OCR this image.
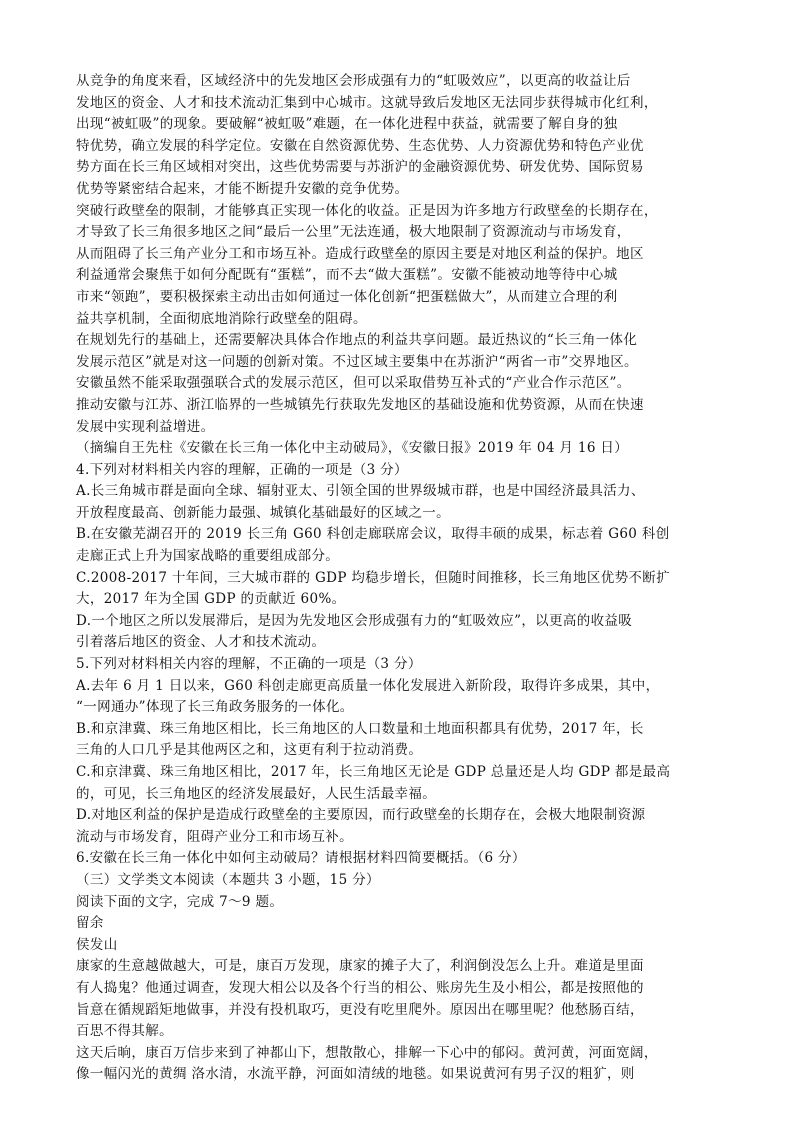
从竞争的角度来看，区域经济中的先发地区会形成强有力的“虹吸效应”，以更高的收益让后
发地区的资金、人才和技术流动汇集到中心城市。这就导致后发地区无法同步获得城市化红利，
出现“被虹吸”的现象。要破解“被虹吸”难题，在一体化进程中获益，就需要了解自身的独
特优势，确立发展的科学定位。安徽在自然资源优势、生态优势、人力资源优势和特色产业优
势方面在长三角区域相对突出，这些优势需要与苏浙沪的金融资源优势、研发优势、国际贸易
优势等紧密结合起来，才能不断提升安徽的竞争优势。
突破行政壁垒的限制，才能够真正实现一体化的收益。正是因为许多地方行政壁垒的长期存在，
才导致了长三角很多地区之间“最后一公里”无法连通，极大地限制了资源流动与市场发育，
从而阻碍了长三角产业分工和市场互补。造成行政壁垒的原因主要是对地区利益的保护。地区
利益通常会聚焦于如何分配既有“蛋糕”，而不去“做大蛋糕”。安徽不能被动地等待中心城
市来“领跑”，要积极探索主动出击如何通过一体化创新“把蛋糕做大”，从而建立合理的利
益共享机制，全面彻底地消除行政壁垒的阻碍。
在规划先行的基础上，还需要解决具体合作地点的利益共享问题。最近热议的“长三角一体化
发展示范区”就是对这一问题的创新对策。不过区域主要集中在苏浙沪“两省一市”交界地区。
安徽虽然不能采取强强联合式的发展示范区，但可以采取借势互补式的“产业合作示范区”。
推动安徽与江苏、浙江临界的一些城镇先行获取先发地区的基础设施和优势资源，从而在快速
发展中实现利益增进。
（摘编自王先柱《安徽在长三角一体化中主动破局》，《安徽日报》2019 年 04 月 16 日）
4.下列对材料相关内容的理解，正确的一项是（3 分）
A.长三角城市群是面向全球、辐射亚太、引领全国的世界级城市群，也是中国经济最具活力、
开放程度最高、创新能力最强、城镇化基础最好的区域之一。
B.在安徽芜湖召开的 2019 长三角 G60 科创走廊联席会议，取得丰硕的成果，标志着 G60 科创
走廊正式上升为国家战略的重要组成部分。
C.2008-2017 十年间，三大城市群的 GDP 均稳步增长，但随时间推移，长三角地区优势不断扩
大，2017 年为全国 GDP 的贡献近 60%。
D.一个地区之所以发展滞后，是因为先发地区会形成强有力的“虹吸效应”，以更高的收益吸
引着落后地区的资金、人才和技术流动。
5.下列对材料相关内容的理解，不正确的一项是（3 分）
A.去年 6 月 1 日以来，G60 科创走廊更高质量一体化发展进入新阶段，取得许多成果，其中，
“一网通办”体现了长三角政务服务的一体化。
B.和京津冀、珠三角地区相比，长三角地区的人口数量和土地面积都具有优势，2017 年，长
三角的人口几乎是其他两区之和，这更有利于拉动消费。
C.和京津冀、珠三角地区相比，2017 年，长三角地区无论是 GDP 总量还是人均 GDP 都是最高
的，可见，长三角地区的经济发展最好，人民生活最幸福。
D.对地区利益的保护是造成行政壁垒的主要原因，而行政壁垒的长期存在，会极大地限制资源
流动与市场发育，阻碍产业分工和市场互补。
6.安徽在长三角一体化中如何主动破局？请根据材料四简要概括。（6 分）
（三）文学类文本阅读（本题共 3 小题，15 分）
阅读下面的文字，完成 7～9 题。
留余
侯发山
康家的生意越做越大，可是，康百万发现，康家的摊子大了，利润倒没怎么上升。难道是里面
有人捣鬼？他通过调查，发现大相公以及各个行当的相公、账房先生及小相公，都是按照他的
旨意在循规蹈矩地做事，并没有投机取巧，更没有吃里爬外。原因出在哪里呢？他愁肠百结，
百思不得其解。
这天后晌，康百万信步来到了神都山下，想散散心，排解一下心中的郁闷。黄河黄，河面宽阔，
像一幅闪光的黄绸 洛水清，水流平静，河面如清绒的地毯。如果说黄河有男子汉的粗犷，则
